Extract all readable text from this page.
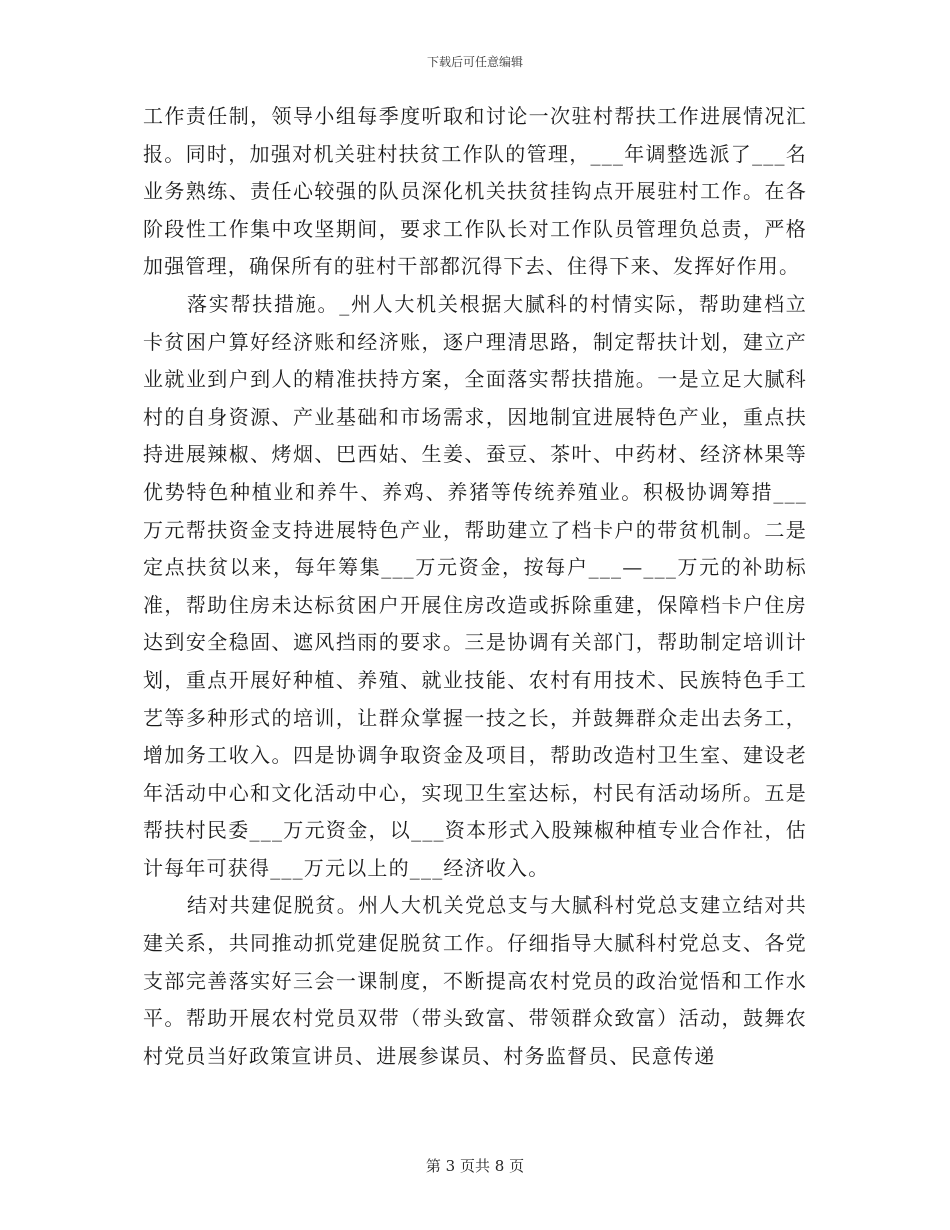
下载后可任意编辑

工作责任制，领导小组每季度听取和讨论一次驻村帮扶工作进展情况汇报。同时，加强对机关驻村扶贫工作队的管理，___年调整选派了___名业务熟练、责任心较强的队员深化机关扶贫挂钩点开展驻村工作。在各阶段性工作集中攻坚期间，要求工作队长对工作队员管理负总责，严格加强管理，确保所有的驻村干部都沉得下去、住得下来、发挥好作用。

落实帮扶措施。_州人大机关根据大腻科的村情实际，帮助建档立卡贫困户算好经济账和经济账，逐户理清思路，制定帮扶计划，建立产业就业到户到人的精准扶持方案，全面落实帮扶措施。一是立足大腻科村的自身资源、产业基础和市场需求，因地制宜进展特色产业，重点扶持进展辣椒、烤烟、巴西姑、生姜、蚕豆、茶叶、中药材、经济林果等优势特色种植业和养牛、养鸡、养猪等传统养殖业。积极协调筹措___万元帮扶资金支持进展特色产业，帮助建立了档卡户的带贫机制。二是定点扶贫以来，每年筹集___万元资金，按每户___—___万元的补助标准，帮助住房未达标贫困户开展住房改造或拆除重建，保障档卡户住房达到安全稳固、遮风挡雨的要求。三是协调有关部门，帮助制定培训计划，重点开展好种植、养殖、就业技能、农村有用技术、民族特色手工艺等多种形式的培训，让群众掌握一技之长，并鼓舞群众走出去务工，增加务工收入。四是协调争取资金及项目，帮助改造村卫生室、建设老年活动中心和文化活动中心，实现卫生室达标，村民有活动场所。五是帮扶村民委___万元资金，以___资本形式入股辣椒种植专业合作社，估计每年可获得___万元以上的___经济收入。

结对共建促脱贫。州人大机关党总支与大腻科村党总支建立结对共建关系，共同推动抓党建促脱贫工作。仔细指导大腻科村党总支、各党支部完善落实好三会一课制度，不断提高农村党员的政治觉悟和工作水平。帮助开展农村党员双带（带头致富、带领群众致富）活动，鼓舞农村党员当好政策宣讲员、进展参谋员、村务监督员、民意传递

第 3 页共 8 页
